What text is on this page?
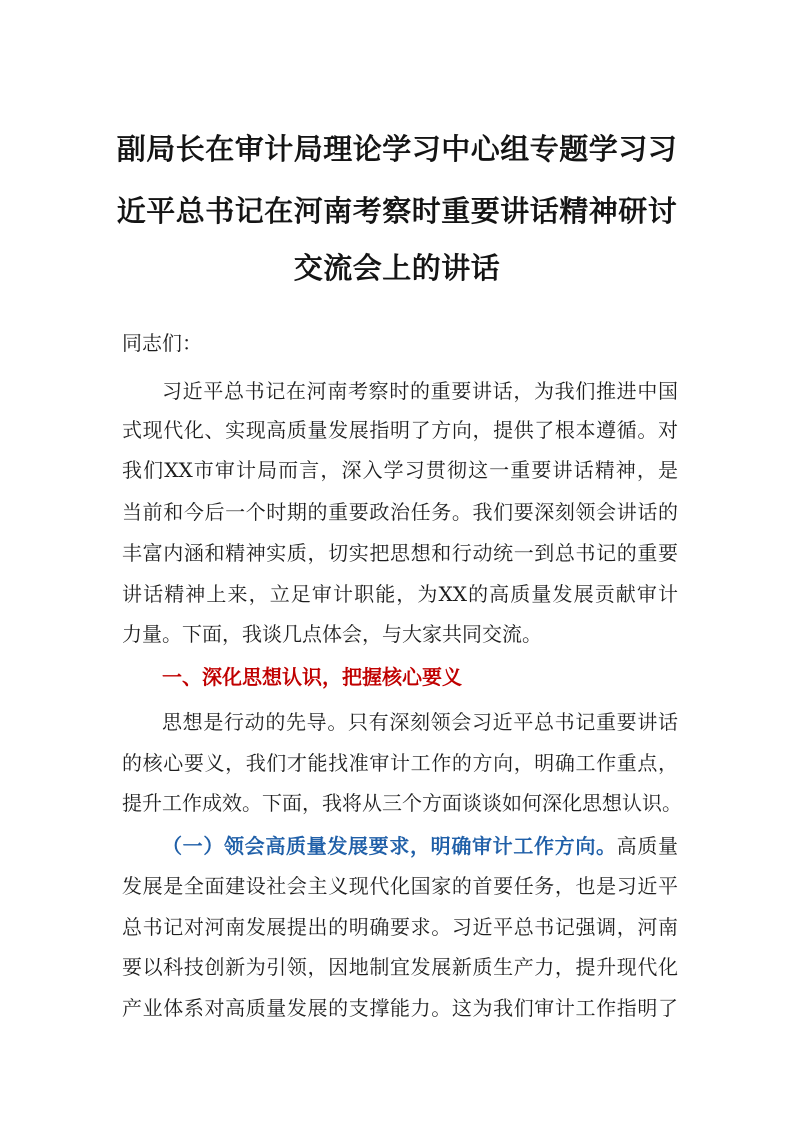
副局长在审计局理论学习中心组专题学习习
近平总书记在河南考察时重要讲话精神研讨
交流会上的讲话

同志们：

习近平总书记在河南考察时的重要讲话，为我们推进中国

式现代化、实现高质量发展指明了方向，提供了根本遵循。对

我们XX市审计局而言，深入学习贯彻这一重要讲话精神，是

当前和今后一个时期的重要政治任务。我们要深刻领会讲话的

丰富内涵和精神实质，切实把思想和行动统一到总书记的重要

讲话精神上来，立足审计职能，为XX的高质量发展贡献审计

力量。下面，我谈几点体会，与大家共同交流。

一、深化思想认识，把握核心要义

思想是行动的先导。只有深刻领会习近平总书记重要讲话

的核心要义，我们才能找准审计工作的方向，明确工作重点，

提升工作成效。下面，我将从三个方面谈谈如何深化思想认识。

（一）领会高质量发展要求，明确审计工作方向。高质量

发展是全面建设社会主义现代化国家的首要任务，也是习近平

总书记对河南发展提出的明确要求。习近平总书记强调，河南

要以科技创新为引领，因地制宜发展新质生产力，提升现代化

产业体系对高质量发展的支撑能力。这为我们审计工作指明了
